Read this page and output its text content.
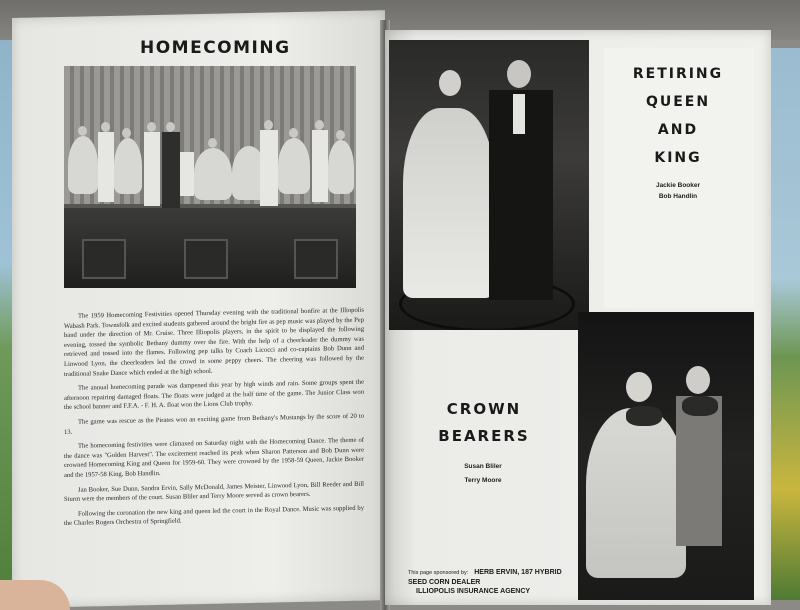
HOMECOMING

The 1959 Homecoming Festivities opened Thursday evening with the traditional bonfire at the Illiopolis Wabash Park. Townsfolk and excited students gathered around the bright fire as pep music was played by the Pep band under the direction of Mr. Cruise. Three Illiopolis players, in the spirit to be displayed the following evening, tossed the symbolic Bethany dummy over the fire. With the help of a cheerleader the dummy was retrieved and tossed into the flames. Following pep talks by Coach Licocci and co-captains Bob Dunn and Linwood Lyon, the cheerleaders led the crowd in some peppy cheers. The cheering was followed by the traditional Snake Dance which ended at the high school.

The annual homecoming parade was dampened this year by high winds and rain. Some groups spent the afternoon repairing damaged floats. The floats were judged at the half time of the game. The Junior Class won the school banner and F.F.A. - F. H. A. float won the Lions Club trophy.

The game was rescue as the Pirates won an exciting game from Bethany's Mustangs by the score of 20 to 13.

The homecoming festivities were climaxed on Saturday night with the Homecoming Dance. The theme of the dance was "Golden Harvest". The excitement reached its peak when Sharon Patterson and Bob Dunn were crowned Homecoming King and Queen for 1959-60. They were crowned by the 1958-59 Queen, Jackie Booker and the 1957-58 King, Bob Handlin.

Jan Booker, Sue Dunn, Sandra Ervin, Sally McDonald, James Meister, Linwood Lyon, Bill Reeder and Bill Sturm were the members of the court. Susan Bliler and Terry Moore served as crown bearers.

Following the coronation the new king and queen led the court in the Royal Dance. Music was supplied by the Charles Rogers Orchestra of Springfield.

RETIRING
QUEEN
AND
KING
Jackie Booker
Bob Handlin
CROWN
BEARERS
Susan Bliler
Terry Moore
This page sponsored by: HERB ERVIN, 187 HYBRID SEED CORN DEALER
ILLIOPOLIS INSURANCE AGENCY
